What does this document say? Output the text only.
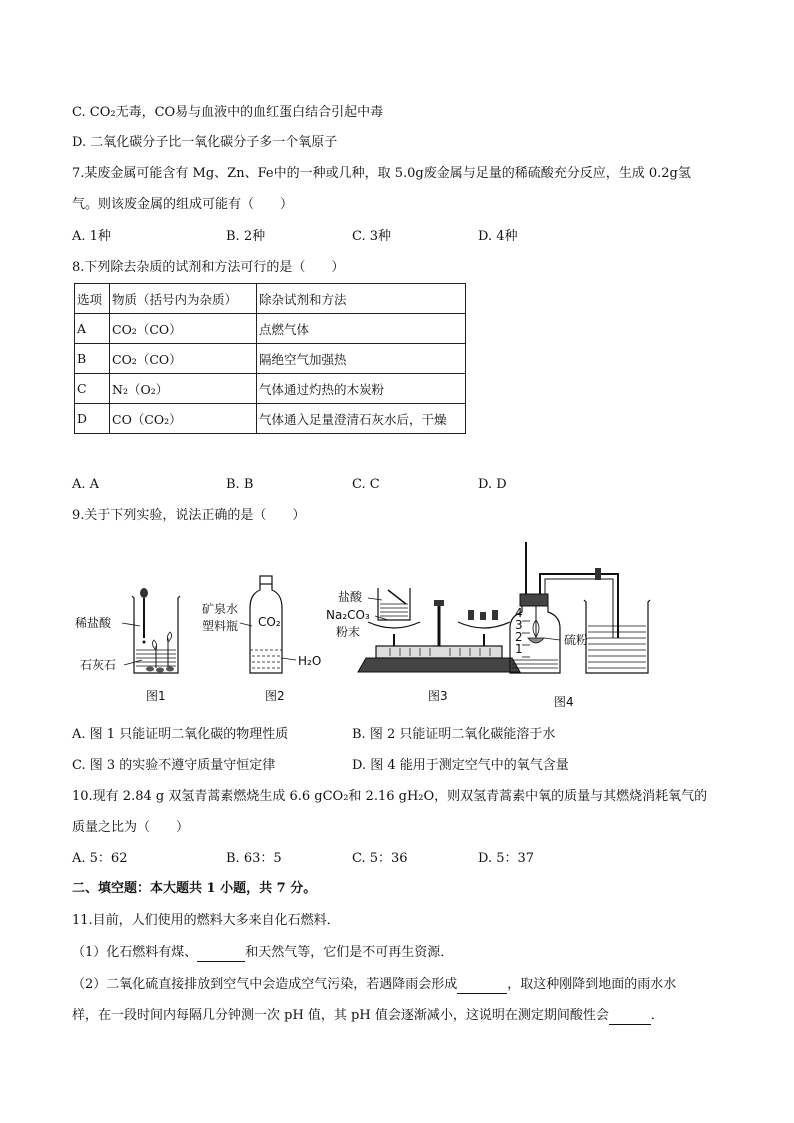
C. CO₂无毒，CO易与血液中的血红蛋白结合引起中毒
D. 二氧化碳分子比一氧化碳分子多一个氧原子
7.某废金属可能含有 Mg、Zn、Fe中的一种或几种，取 5.0g废金属与足量的稀硫酸充分反应，生成 0.2g氢
气。则该废金属的组成可能有（　　）
A. 1种	B. 2种	C. 3种	D. 4种
8.下列除去杂质的试剂和方法可行的是（　　）
选项	物质（括号内为杂质）	除杂试剂和方法
A	CO₂（CO）	点燃气体
B	CO₂（CO）	隔绝空气加强热
C	N₂（O₂）	气体通过灼热的木炭粉
D	CO（CO₂）	气体通入足量澄清石灰水后，干燥
A. A	B. B	C. C	D. D
9.关于下列实验，说法正确的是（　　）
稀盐酸
石灰石
图1
矿泉水
塑料瓶 CO₂
H₂O
图2
盐酸
Na₂CO₃
粉末
图3
4
3
2
1
硫粉
图4
A. 图 1 只能证明二氧化碳的物理性质	B. 图 2 只能证明二氧化碳能溶于水
C. 图 3 的实验不遵守质量守恒定律	D. 图 4 能用于测定空气中的氧气含量
10.现有 2.84 g 双氢青蒿素燃烧生成 6.6 gCO₂和 2.16 gH₂O，则双氢青蒿素中氧的质量与其燃烧消耗氧气的
质量之比为（　　）
A. 5：62	B. 63：5	C. 5：36	D. 5：37
二、填空题：本大题共 1 小题，共 7 分。
11.目前，人们使用的燃料大多来自化石燃料．
（1）化石燃料有煤、	和天然气等，它们是不可再生资源．
（2）二氧化硫直接排放到空气中会造成空气污染，若遇降雨会形成	，取这种刚降到地面的雨水水
样，在一段时间内每隔几分钟测一次 pH 值，其 pH 值会逐渐减小，这说明在测定期间酸性会	．
